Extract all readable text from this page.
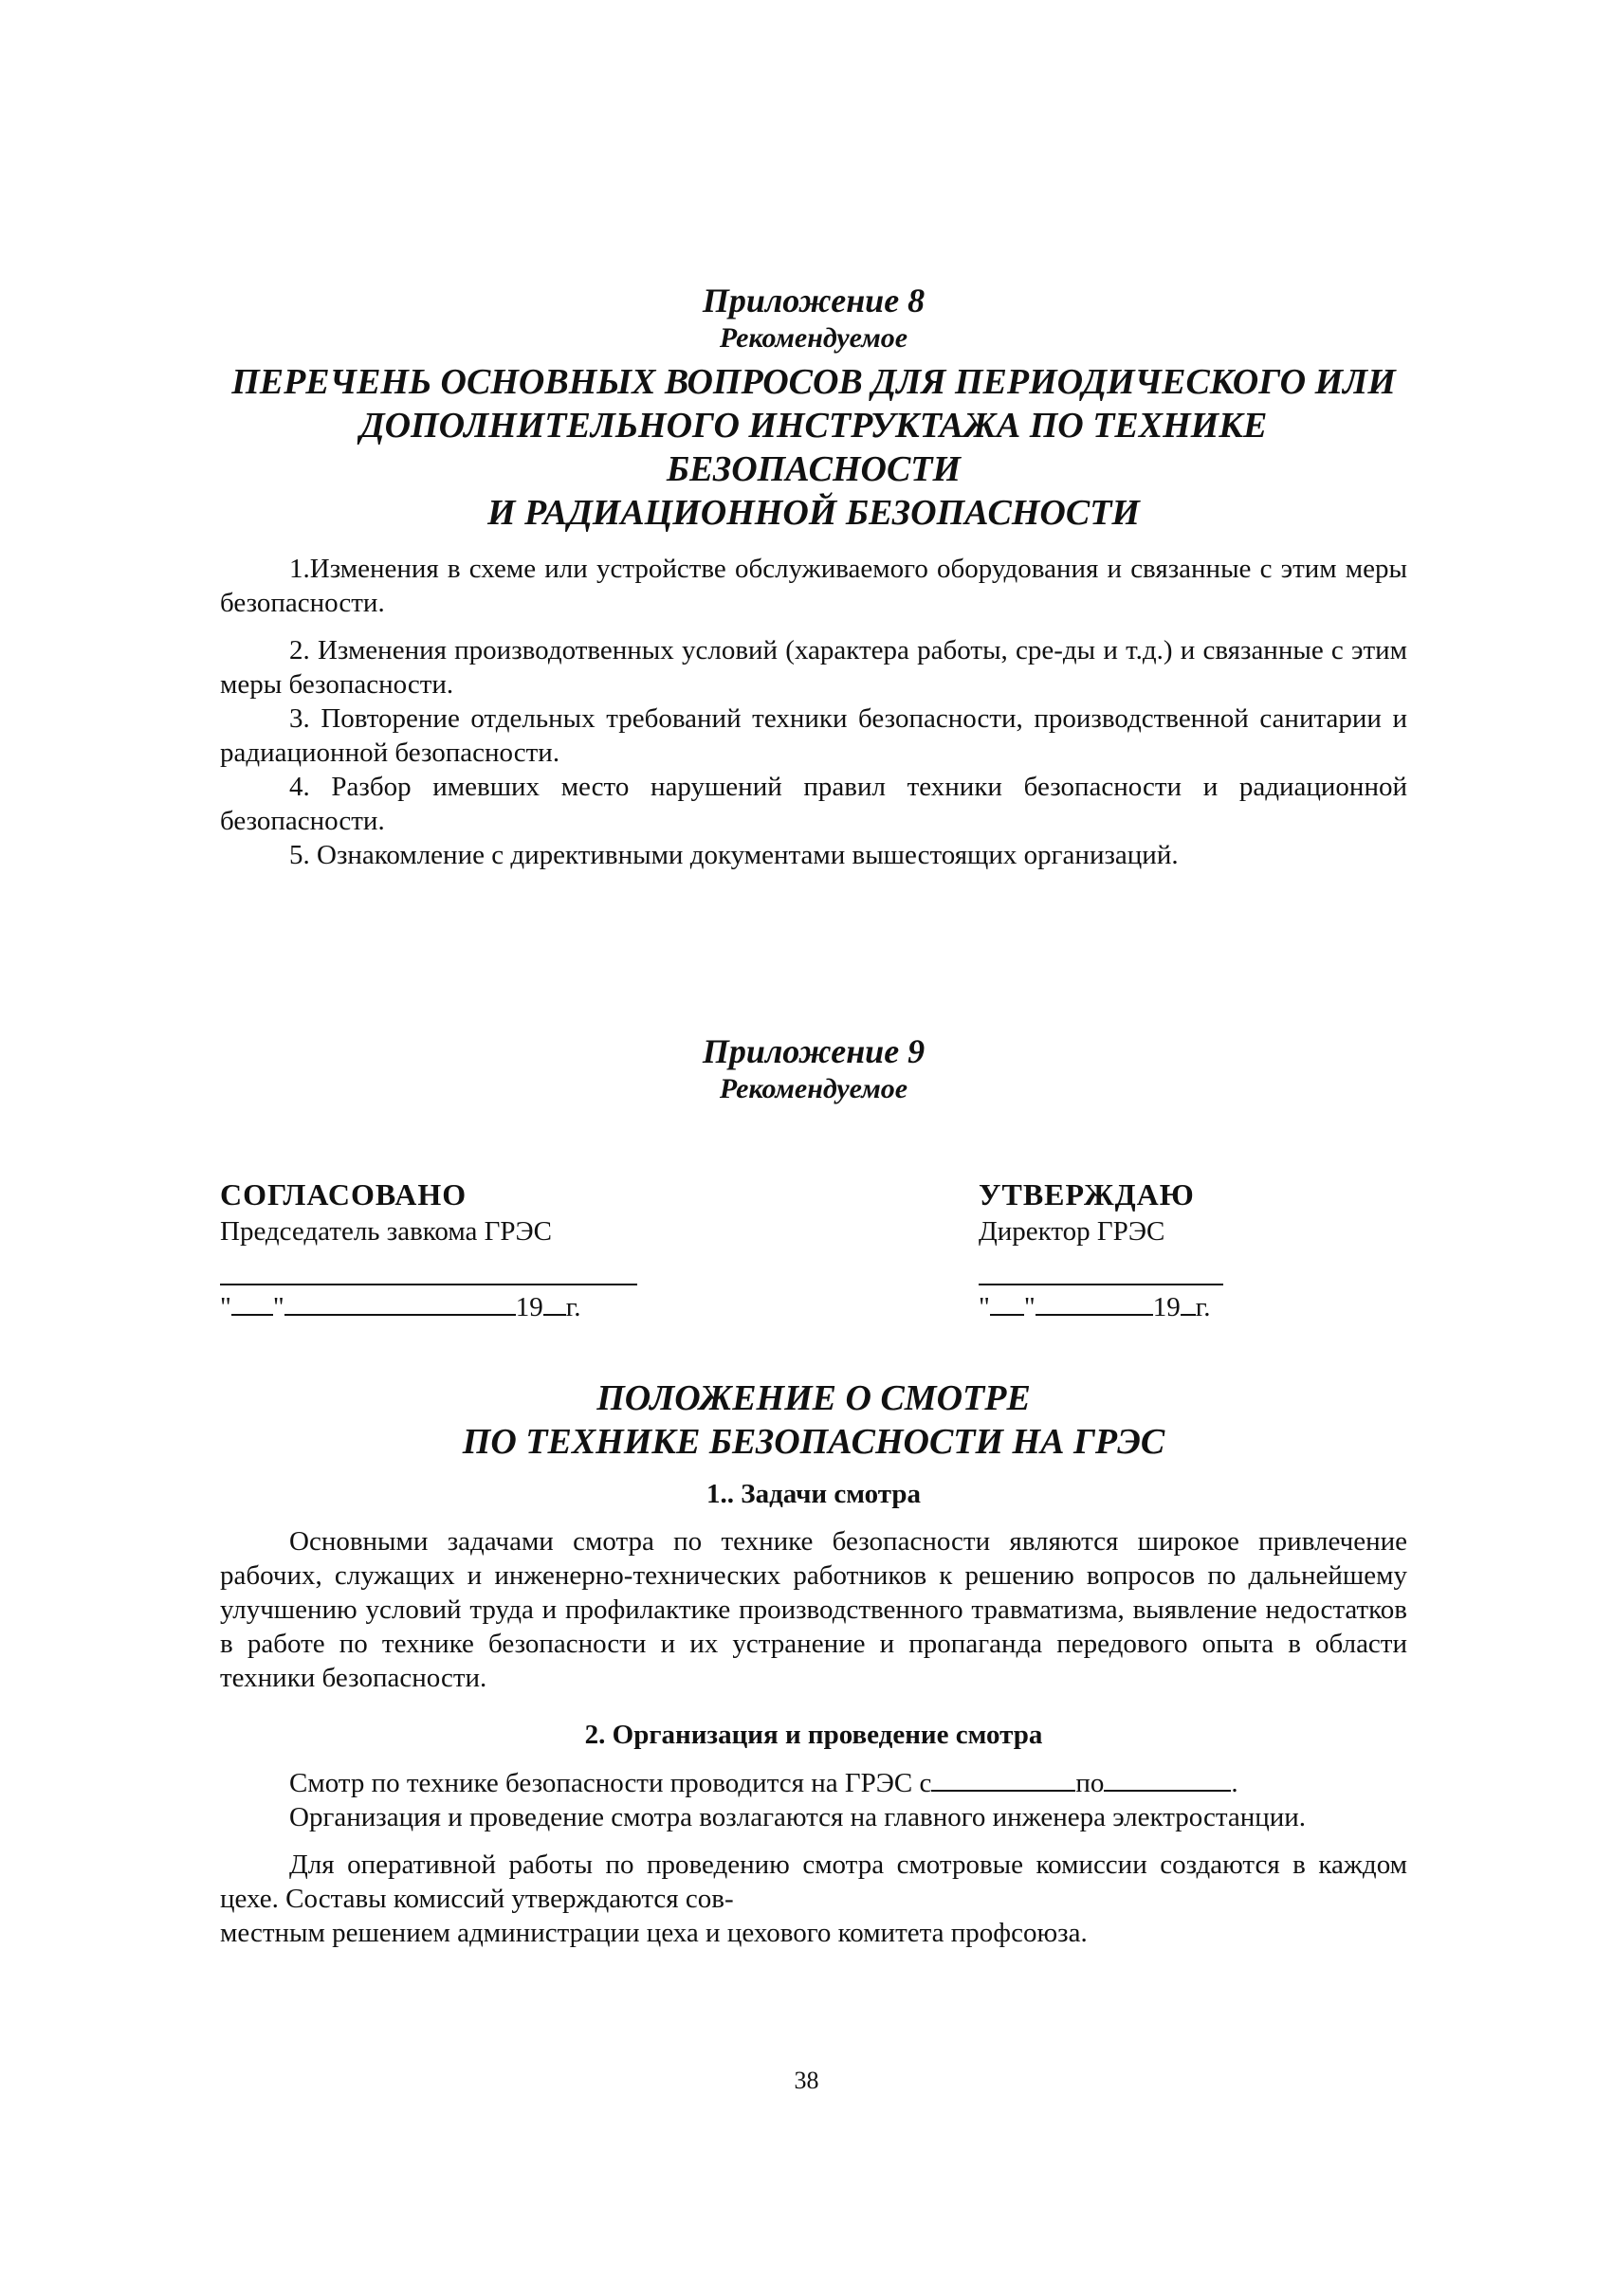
Приложение 8
Рекомендуемое
ПЕРЕЧЕНЬ ОСНОВНЫХ ВОПРОСОВ ДЛЯ ПЕРИОДИЧЕСКОГО ИЛИ
ДОПОЛНИТЕЛЬНОГО ИНСТРУКТАЖА ПО ТЕХНИКЕ БЕЗОПАСНОСТИ
И РАДИАЦИОННОЙ БЕЗОПАСНОСТИ

1.Изменения в схеме или устройстве обслуживаемого оборудования и связанные с этим меры безопасности.

2. Изменения производотвенных условий (характера работы, сре-ды и т.д.) и связанные с этим меры безопасности.

3. Повторение отдельных требований техники безопасности, производственной санитарии и радиационной безопасности.

4. Разбор имевших место нарушений правил техники безопасности и радиационной безопасности.

5. Ознакомление с директивными документами вышестоящих организаций.

Приложение 9
Рекомендуемое
СОГЛАСОВАНО
Председатель завкома ГРЭС
" "	19 г.
УТВЕРЖДАЮ
Директор ГРЭС
" "	19 г.
ПОЛОЖЕНИЕ О СМОТРЕ
ПО ТЕХНИКЕ БЕЗОПАСНОСТИ НА ГРЭС
1.. Задачи смотра

Основными задачами смотра по технике безопасности являются широкое привлечение рабочих, служащих и инженерно-технических работников к решению вопросов по дальнейшему улучшению условий труда и профилактике производственного травматизма, выявление недостатков в работе по технике безопасности и их устранение и пропаганда передового опыта в области техники безопасности.

2. Организация и проведение смотра

Смотр по технике безопасности проводится на ГРЭС с	по	.

Организация и проведение смотра возлагаются на главного инженера электростанции.

Для оперативной работы по проведению смотра смотровые комиссии создаются в каждом цехе. Составы комиссий утверждаются сов-

местным решением администрации цеха и цехового комитета профсоюза.

38
